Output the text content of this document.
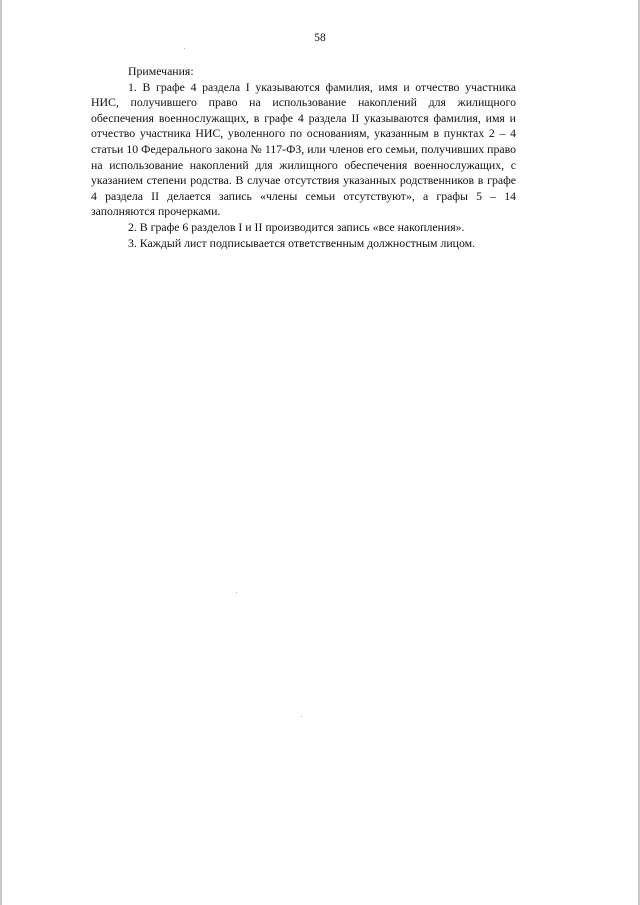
58

Примечания:

1. В графе 4 раздела I указываются фамилия, имя и отчество участника НИС, получившего право на использование накоплений для жилищного обеспечения военнослужащих, в графе 4 раздела II указываются фамилия, имя и отчество участника НИС, уволенного по основаниям, указанным в пунктах 2 – 4 статьи 10 Федерального закона № 117-ФЗ, или членов его семьи, получивших право на использование накоплений для жилищного обеспечения военнослужащих, с указанием степени родства. В случае отсутствия указанных родственников в графе 4 раздела II делается запись «члены семьи отсутствуют», а графы 5 – 14 заполняются прочерками.

2. В графе 6 разделов I и II производится запись «все накопления».

3. Каждый лист подписывается ответственным должностным лицом.
